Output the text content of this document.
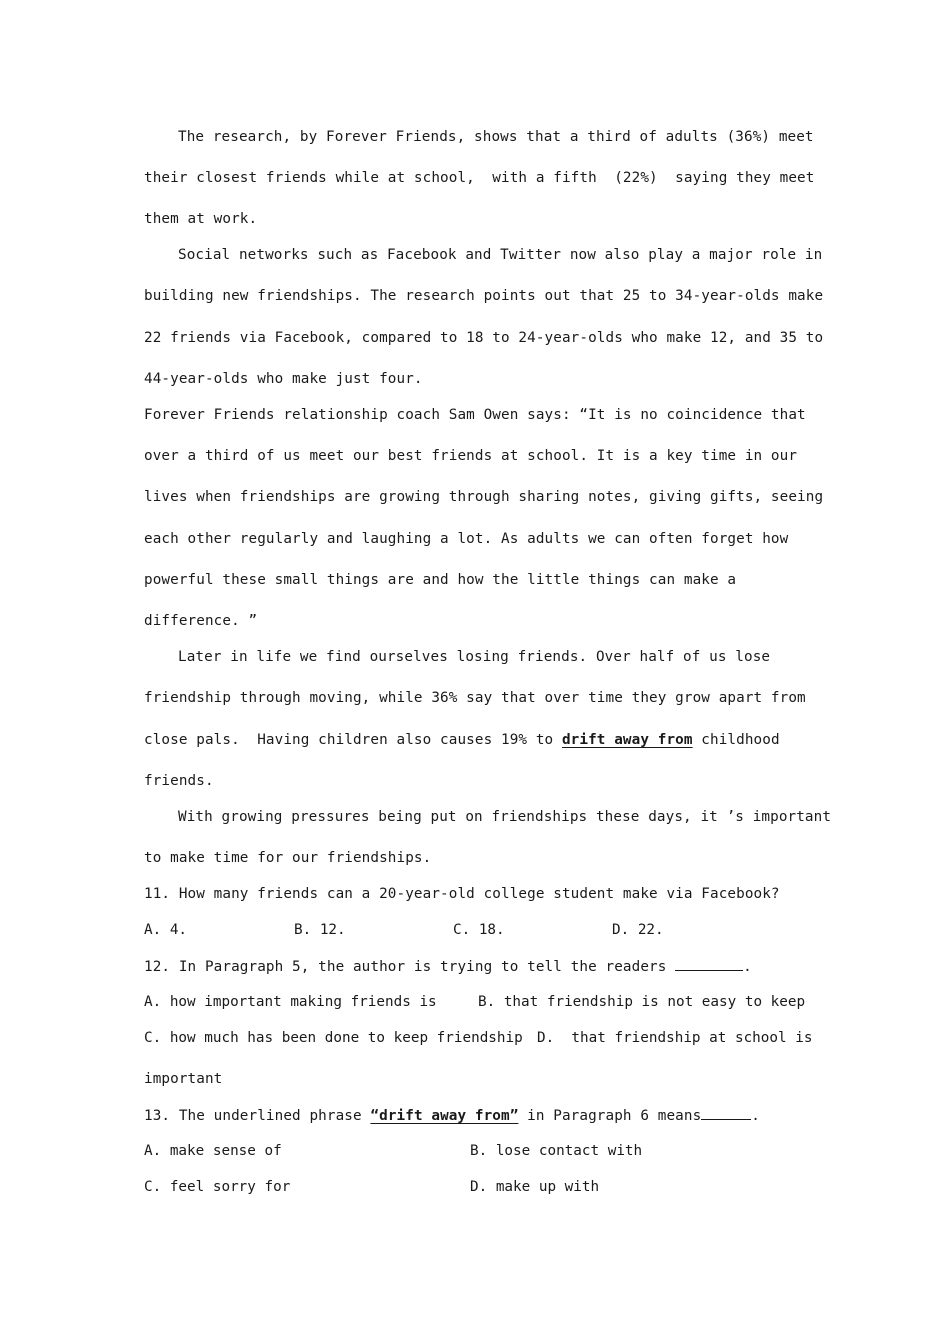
The research, by Forever Friends, shows that a third of adults (36%) meet
their closest friends while at school,  with a fifth  (22%)  saying they meet
them at work.
Social networks such as Facebook and Twitter now also play a major role in
building new friendships. The research points out that 25 to 34-year-olds make
22 friends via Facebook, compared to 18 to 24-year-olds who make 12, and 35 to
44-year-olds who make just four.
Forever Friends relationship coach Sam Owen says: “It is no coincidence that
over a third of us meet our best friends at school. It is a key time in our
lives when friendships are growing through sharing notes, giving gifts, seeing
each other regularly and laughing a lot. As adults we can often forget how
powerful these small things are and how the little things can make a
difference. ”
Later in life we find ourselves losing friends. Over half of us lose
friendship through moving, while 36% say that over time they grow apart from
close pals.  Having children also causes 19% to drift away from childhood
friends.
With growing pressures being put on friendships these days, it ’s important
to make time for our friendships.
11. How many friends can a 20-year-old college student make via Facebook?
A. 4.	B. 12.	C. 18.	D. 22.
12. In Paragraph 5, the author is trying to tell the readers	.
A. how important making friends is	B. that friendship is not easy to keep
C. how much has been done to keep friendship D.  that friendship at school is
important
13. The underlined phrase “drift away from” in Paragraph 6 means	.
A. make sense of	B. lose contact with
C. feel sorry for	D. make up with
